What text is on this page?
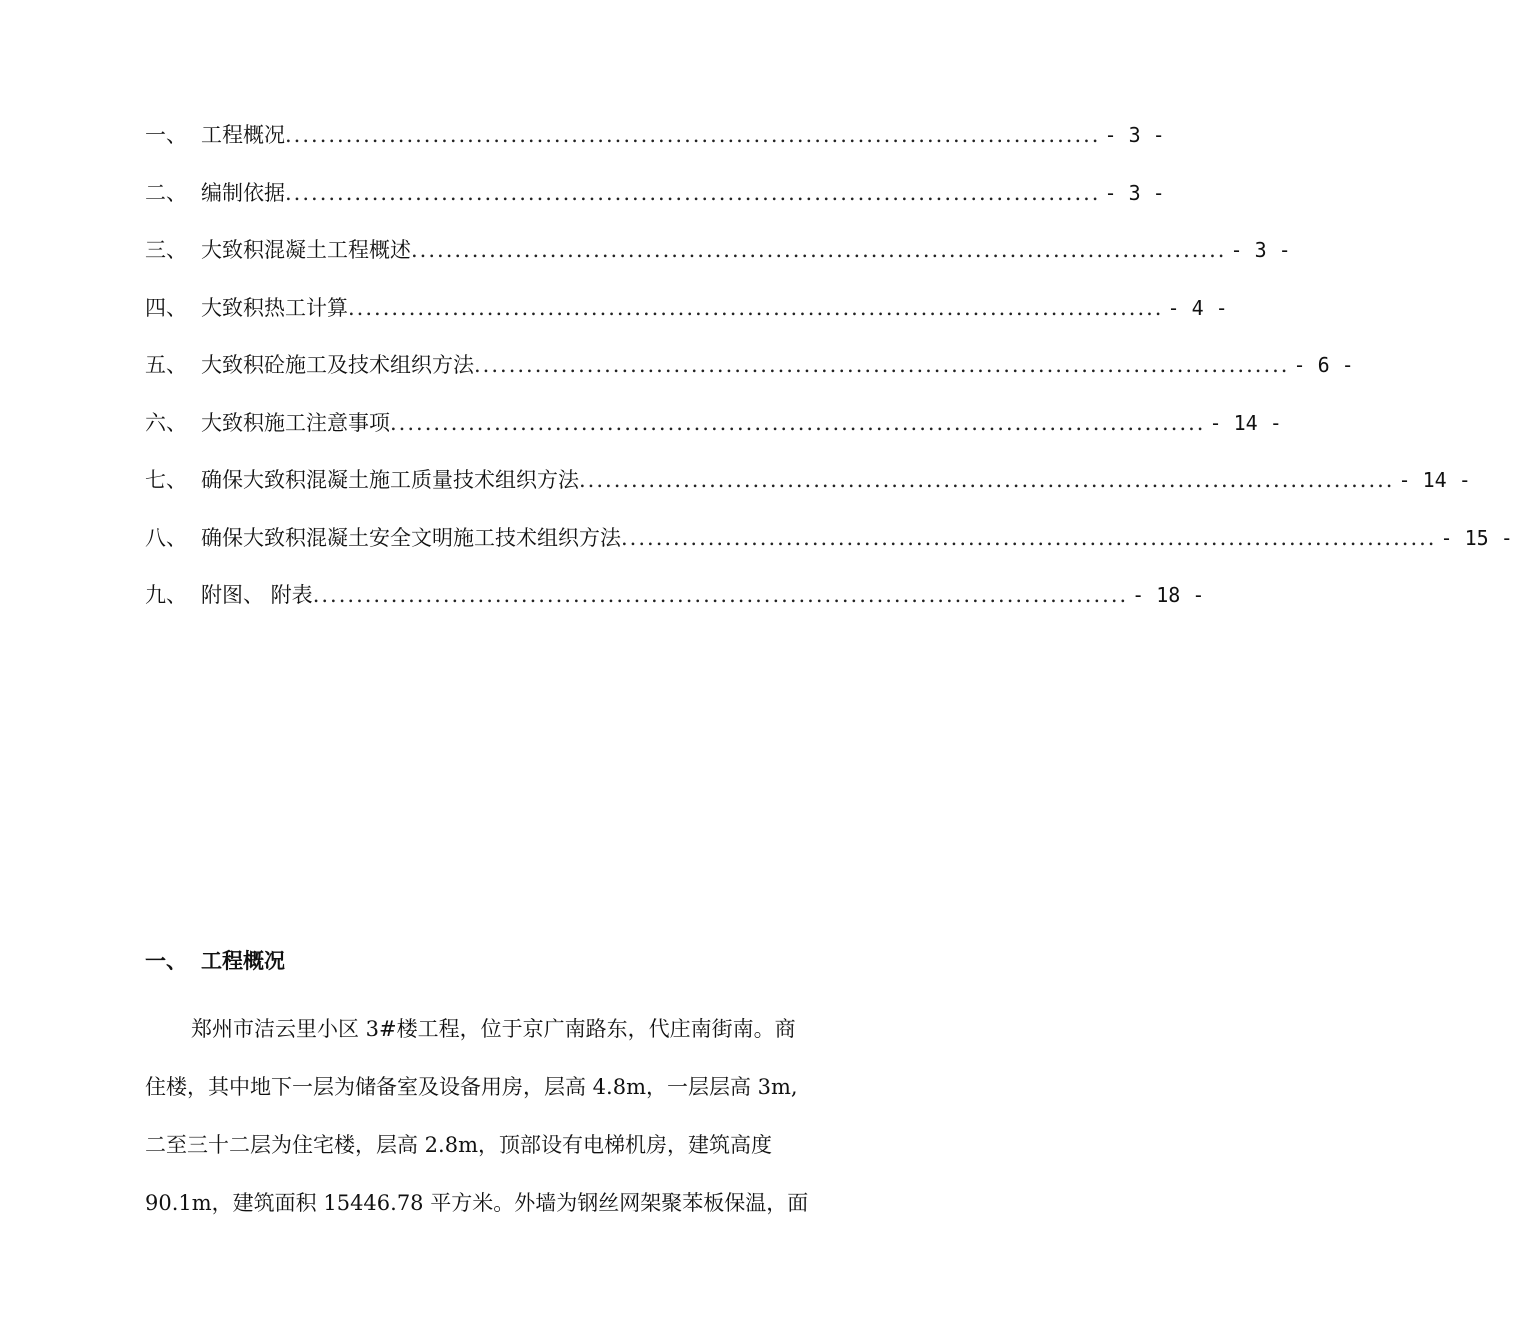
一、 工程概况 .............................................................................................. - 3 -
二、 编制依据 .............................................................................................. - 3 -
三、 大致积混凝土工程概述 .............................................................................................. - 3 -
四、 大致积热工计算 .............................................................................................. - 4 -
五、 大致积砼施工及技术组织方法 .............................................................................................. - 6 -
六、 大致积施工注意事项 .............................................................................................. - 14 -
七、 确保大致积混凝土施工质量技术组织方法 .............................................................................................. - 14 -
八、 确保大致积混凝土安全文明施工技术组织方法 .............................................................................................. - 15 -
九、 附图、 附表 .............................................................................................. - 18 -
一、 工程概况
郑州市洁云里小区 3#楼工程，位于京广南路东，代庄南街南。商
住楼，其中地下一层为储备室及设备用房，层高 4.8m，一层层高 3m,
二至三十二层为住宅楼，层高 2.8m，顶部设有电梯机房，建筑高度
90.1m，建筑面积 15446.78 平方米。外墙为钢丝网架聚苯板保温，面
